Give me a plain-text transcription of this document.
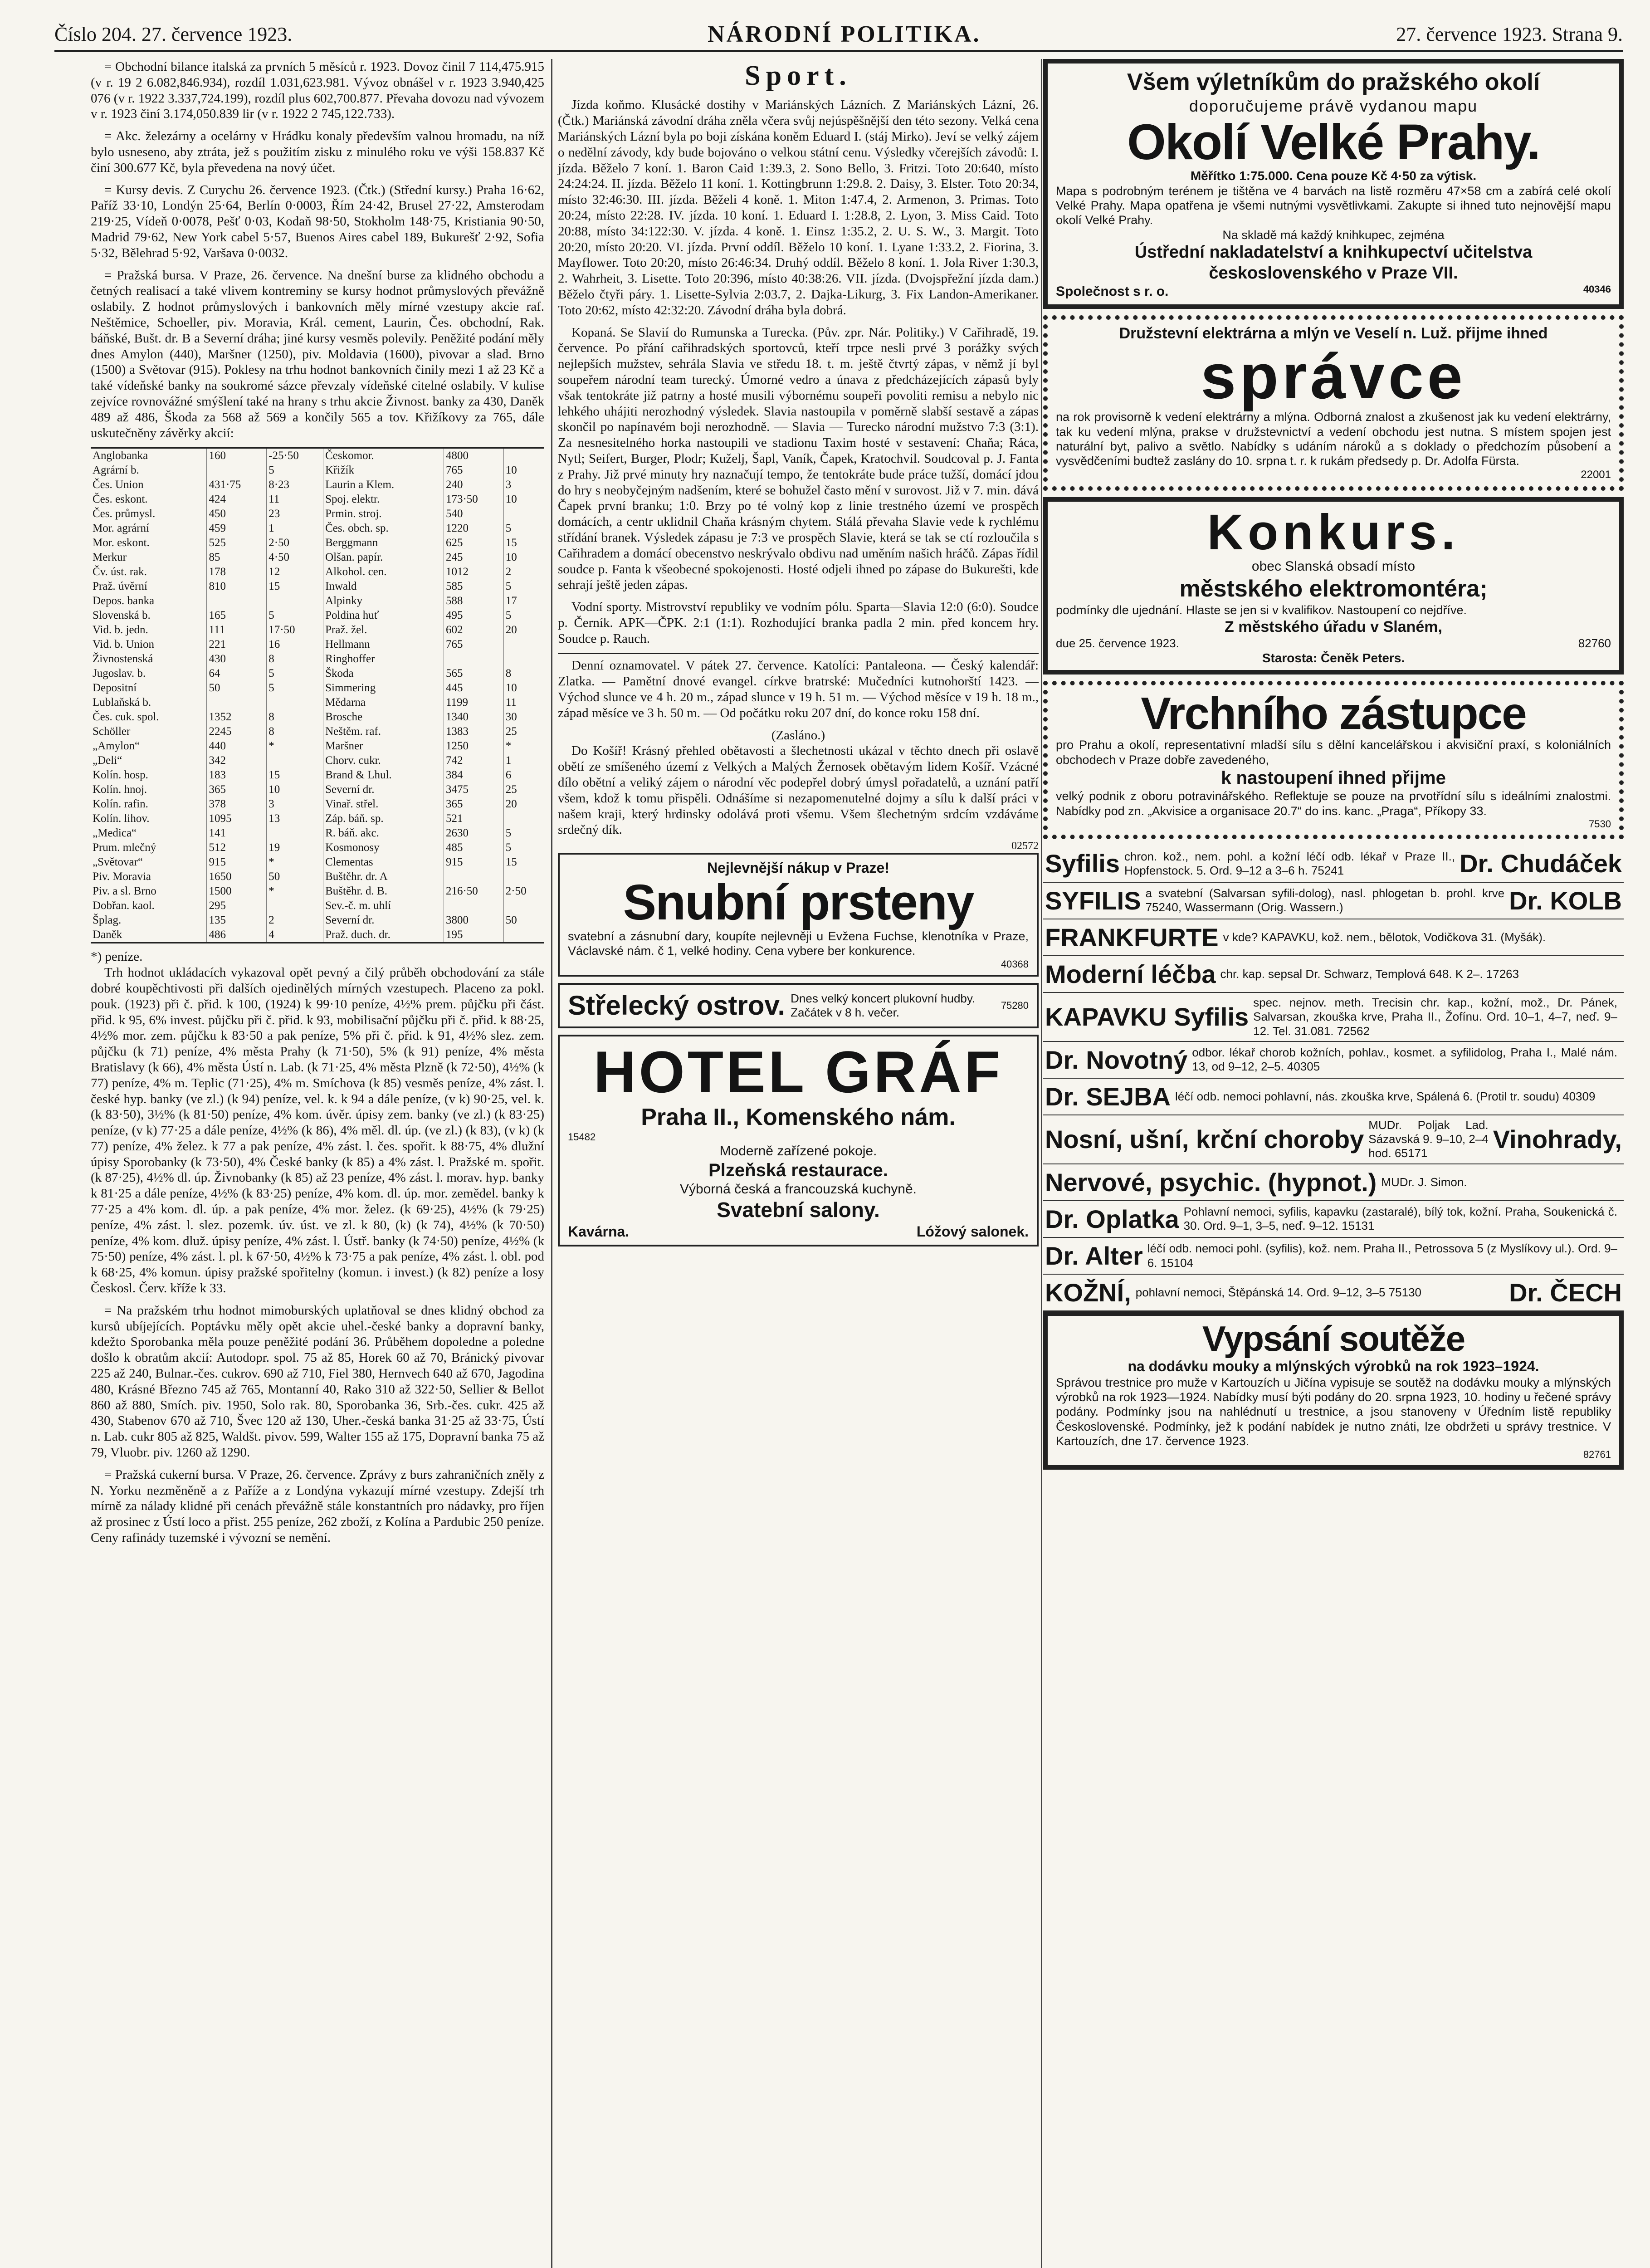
Číslo 204. 27. července 1923.	NÁRODNÍ POLITIKA.	27. července 1923. Strana 9.

= Obchodní bilance italská za prvních 5 měsíců r. 1923. Dovoz činil 7 114,475.915 (v r. 19 2 6.082,846.934), rozdíl 1.031,623.981. Vývoz obnášel v r. 1923 3.940,425 076 (v r. 1922 3.337,724.199), rozdíl plus 602,700.877. Převaha dovozu nad vývozem v r. 1923 činí 3.174,050.839 lir (v r. 1922 2 745,122.733).

= Akc. železárny a ocelárny v Hrádku konaly především valnou hromadu, na níž bylo usneseno, aby ztráta, jež s použitím zisku z minulého roku ve výši 158.837 Kč činí 300.677 Kč, byla převedena na nový účet.

= Kursy devis. Z Curychu 26. července 1923. (Čtk.) (Střední kursy.) Praha 16·62, Paříž 33·10, Londýn 25·64, Berlín 0·0003, Řím 24·42, Brusel 27·22, Amsterodam 219·25, Vídeň 0·0078, Pešť 0·03, Kodaň 98·50, Stokholm 148·75, Kristiania 90·50, Madrid 79·62, New York cabel 5·57, Buenos Aires cabel 189, Bukurešť 2·92, Sofia 5·32, Bělehrad 5·92, Varšava 0·0032.

= Pražská bursa. V Praze, 26. července. Na dnešní burse za klidného obchodu a četných realisací a také vlivem kontreminy se kursy hodnot průmyslových převážně oslabily. Z hodnot průmyslových i bankovních měly mírné vzestupy akcie raf. Neštěmice, Schoeller, piv. Moravia, Král. cement, Laurin, Čes. obchodní, Rak. báňské, Bušt. dr. B a Severní dráha; jiné kursy vesměs polevily. Peněžité podání měly dnes Amylon (440), Maršner (1250), piv. Moldavia (1600), pivovar a slad. Brno (1500) a Světovar (915). Poklesy na trhu hodnot bankovních činily mezi 1 až 23 Kč a také vídeňské banky na soukromé sázce převzaly vídeňské citelné oslabily. V kulise zejvíce rovnovážné smýšlení také na hrany s trhu akcie Živnost. banky za 430, Daněk 489 až 486, Škoda za 568 až 569 a končily 565 a tov. Křižíkovy za 765, dále uskutečněny závěrky akcií:

Anglobanka	160	-25·50	Českomor.	4800	
Agrární b.		5	Křižík	765	10
Čes. Union	431·75	8·23	Laurin a Klem.	240	3
Čes. eskont.	424	11	Spoj. elektr.	173·50	10
Čes. průmysl.	450	23	Prmin. stroj.	540	
Mor. agrární	459	1	Čes. obch. sp.	1220	5
Mor. eskont.	525	2·50	Berggmann	625	15
Merkur	85	4·50	Olšan. papír.	245	10
Čv. úst. rak.	178	12	Alkohol. cen.	1012	2
Praž. úvěrní	810	15	Inwald	585	5
Depos. banka			Alpinky	588	17
Slovenská b.	165	5	Poldina huť	495	5
Vid. b. jedn.	111	17·50	Praž. žel.	602	20
Vid. b. Union	221	16	Hellmann	765	
Živnostenská	430	8	Ringhoffer		
Jugoslav. b.	64	5	Škoda	565	8
Depositní	50	5	Simmering	445	10
Lublaňská b.			Mědarna	1199	11
Čes. cuk. spol.	1352	8	Brosche	1340	30
Schöller	2245	8	Neštěm. raf.	1383	25
„Amylon“	440	*	Maršner	1250	*
„Deli“	342		Chorv. cukr.	742	1
Kolín. hosp.	183	15	Brand & Lhul.	384	6
Kolín. hnoj.	365	10	Severní dr.	3475	25
Kolín. rafin.	378	3	Vinař. střel.	365	20
Kolín. lihov.	1095	13	Záp. báň. sp.	521	
„Medica“	141		R. báň. akc.	2630	5
Prum. mlečný	512	19	Kosmonosy	485	5
„Světovar“	915	*	Clementas	915	15
Piv. Moravia	1650	50	Buštěhr. dr. A		
Piv. a sl. Brno	1500	*	Buštěhr. d. B.	216·50	2·50
Dobřan. kaol.	295		Sev.-č. m. uhlí		
Šplag.	135	2	Severní dr.	3800	50
Daněk	486	4	Praž. duch. dr.	195	
*) peníze.

Trh hodnot ukládacích vykazoval opět pevný a čilý průběh obchodování za stále dobré koupěchtivosti při dalších ojedinělých mírných vzestupech. Placeno za pokl. pouk. (1923) při č. přid. k 100, (1924) k 99·10 peníze, 4½% prem. půjčku při část. přid. k 95, 6% invest. půjčku při č. přid. k 93, mobilisační půjčku při č. přid. k 88·25, 4½% mor. zem. půjčku k 83·50 a pak peníze, 5% při č. přid. k 91, 4½% slez. zem. půjčku (k 71) peníze, 4% města Prahy (k 71·50), 5% (k 91) peníze, 4% města Bratislavy (k 66), 4% města Ústí n. Lab. (k 71·25, 4% města Plzně (k 72·50), 4½% (k 77) peníze, 4% m. Teplic (71·25), 4% m. Smíchova (k 85) vesměs peníze, 4% zást. l. české hyp. banky (ve zl.) (k 94) peníze, vel. k. k 94 a dále peníze, (v k) 90·25, vel. k. (k 83·50), 3½% (k 81·50) peníze, 4% kom. úvěr. úpisy zem. banky (ve zl.) (k 83·25) peníze, (v k) 77·25 a dále peníze, 4½% (k 86), 4% měl. dl. úp. (ve zl.) (k 83), (v k) (k 77) peníze, 4% želez. k 77 a pak peníze, 4% zást. l. čes. spořit. k 88·75, 4% dlužní úpisy Sporobanky (k 73·50), 4% České banky (k 85) a 4% zást. l. Pražské m. spořit. (k 87·25), 4½% dl. úp. Živnobanky (k 85) až 23 peníze, 4% zást. l. morav. hyp. banky k 81·25 a dále peníze, 4½% (k 83·25) peníze, 4% kom. dl. úp. mor. zemědel. banky k 77·25 a 4% kom. dl. úp. a pak peníze, 4% mor. želez. (k 69·25), 4½% (k 79·25) peníze, 4% zást. l. slez. pozemk. úv. úst. ve zl. k 80, (k) (k 74), 4½% (k 70·50) peníze, 4% kom. dluž. úpisy peníze, 4% zást. l. Ústř. banky (k 74·50) peníze, 4½% (k 75·50) peníze, 4% zást. l. pl. k 67·50, 4½% k 73·75 a pak peníze, 4% zást. l. obl. pod k 68·25, 4% komun. úpisy pražské spořitelny (komun. i invest.) (k 82) peníze a losy Českosl. Červ. kříže k 33.

= Na pražském trhu hodnot mimoburských uplatňoval se dnes klidný obchod za kursů ubíjejících. Poptávku měly opět akcie uhel.-české banky a dopravní banky, kdežto Sporobanka měla pouze peněžité podání 36. Průběhem dopoledne a poledne došlo k obratům akcií: Autodopr. spol. 75 až 85, Horek 60 až 70, Bránický pivovar 225 až 240, Bulnar.-čes. cukrov. 690 až 710, Fiel 380, Hernvech 640 až 670, Jagodina 480, Krásné Březno 745 až 765, Montanní 40, Rako 310 až 322·50, Sellier & Bellot 860 až 880, Smích. piv. 1950, Solo rak. 80, Sporobanka 36, Srb.-čes. cukr. 425 až 430, Stabenov 670 až 710, Švec 120 až 130, Uher.-česká banka 31·25 až 33·75, Ústí n. Lab. cukr 805 až 825, Waldšt. pivov. 599, Walter 155 až 175, Dopravní banka 75 až 79, Vluobr. piv. 1260 až 1290.

= Pražská cukerní bursa. V Praze, 26. července. Zprávy z burs zahraničních zněly z N. Yorku nezměněně a z Paříže a z Londýna vykazují mírné vzestupy. Zdejší trh mírně za nálady klidné při cenách převážně stále konstantních pro nádavky, pro říjen až prosinec z Ústí loco a přist. 255 peníze, 262 zboží, z Kolína a Pardubic 250 peníze. Ceny rafinády tuzemské i vývozní se nemění.

Sport.

Jízda koňmo. Klusácké dostihy v Mariánských Lázních. Z Mariánských Lázní, 26. (Čtk.) Mariánská závodní dráha zněla včera svůj nejúspěšnější den této sezony. Velká cena Mariánských Lázní byla po boji získána koněm Eduard I. (stáj Mirko). Jeví se velký zájem o nedělní závody, kdy bude bojováno o velkou státní cenu. Výsledky včerejších závodů: I. jízda. Běželo 7 koní. 1. Baron Caid 1:39.3, 2. Sono Bello, 3. Fritzi. Toto 20:640, místo 24:24:24. II. jízda. Běželo 11 koní. 1. Kottingbrunn 1:29.8. 2. Daisy, 3. Elster. Toto 20:34, místo 32:46:30. III. jízda. Běželi 4 koně. 1. Miton 1:47.4, 2. Armenon, 3. Primas. Toto 20:24, místo 22:28. IV. jízda. 10 koní. 1. Eduard I. 1:28.8, 2. Lyon, 3. Miss Caid. Toto 20:88, místo 34:122:30. V. jízda. 4 koně. 1. Einsz 1:35.2, 2. U. S. W., 3. Margit. Toto 20:20, místo 20:20. VI. jízda. První oddíl. Běželo 10 koní. 1. Lyane 1:33.2, 2. Fiorina, 3. Mayflower. Toto 20:20, místo 26:46:34. Druhý oddíl. Běželo 8 koní. 1. Jola River 1:30.3, 2. Wahrheit, 3. Lisette. Toto 20:396, místo 40:38:26. VII. jízda. (Dvojspřežní jízda dam.) Běželo čtyři páry. 1. Lisette-Sylvia 2:03.7, 2. Dajka-Likurg, 3. Fix Landon-Amerikaner. Toto 20:62, místo 42:32:20. Závodní dráha byla dobrá.

Kopaná. Se Slavií do Rumunska a Turecka. (Pův. zpr. Nár. Politiky.) V Cařihradě, 19. července. Po přání cařihradských sportovců, kteří trpce nesli prvé 3 porážky svých nejlepších mužstev, sehrála Slavia ve středu 18. t. m. ještě čtvrtý zápas, v němž jí byl soupeřem národní team turecký. Úmorné vedro a únava z předcházejících zápasů byly však tentokráte již patrny a hosté musili výbornému soupeři povoliti remisu a nebylo nic lehkého uhájiti nerozhodný výsledek. Slavia nastoupila v poměrně slabší sestavě a zápas skončil po napínavém boji nerozhodně. — Slavia — Turecko národní mužstvo 7:3 (3:1). Za nesnesitelného horka nastoupili ve stadionu Taxim hosté v sestavení: Chaňa; Ráca, Nytl; Seifert, Burger, Plodr; Kuželj, Šapl, Vaník, Čapek, Kratochvil. Soudcoval p. J. Fanta z Prahy. Již prvé minuty hry naznačují tempo, že tentokráte bude práce tužší, domácí jdou do hry s neobyčejným nadšením, které se bohužel často mění v surovost. Již v 7. min. dává Čapek první branku; 1:0. Brzy po té volný kop z linie trestného území ve prospěch domácích, a centr uklidnil Chaňa krásným chytem. Stálá převaha Slavie vede k rychlému střídání branek. Výsledek zápasu je 7:3 ve prospěch Slavie, která se tak se ctí rozloučila s Cařihradem a domácí obecenstvo neskrývalo obdivu nad uměním našich hráčů. Zápas řídil soudce p. Fanta k všeobecné spokojenosti. Hosté odjeli ihned po zápase do Bukurešti, kde sehrají ještě jeden zápas.

Vodní sporty. Mistrovství republiky ve vodním pólu. Sparta—Slavia 12:0 (6:0). Soudce p. Černík. APK—ČPK. 2:1 (1:1). Rozhodující branka padla 2 min. před koncem hry. Soudce p. Rauch.

Denní oznamovatel. V pátek 27. července. Katolíci: Pantaleona. — Český kalendář: Zlatka. — Pamětní dnové evangel. církve bratrské: Mučedníci kutnohorští 1423. — Východ slunce ve 4 h. 20 m., západ slunce v 19 h. 51 m. — Východ měsíce v 19 h. 18 m., západ měsíce ve 3 h. 50 m. — Od počátku roku 207 dní, do konce roku 158 dní.

(Zasláno.)

Do Košíř! Krásný přehled obětavosti a šlechetnosti ukázal v těchto dnech při oslavě obětí ze smíšeného území z Velkých a Malých Žernosek obětavým lidem Košíř. Vzácné dílo obětní a veliký zájem o národní věc podepřel dobrý úmysl pořadatelů, a uznání patří všem, kdož k tomu přispěli. Odnášíme si nezapomenutelné dojmy a sílu k další práci v našem kraji, který hrdinsky odolává proti všemu. Všem šlechetným srdcím vzdáváme srdečný dík.

02572
Nejlevnější nákup v Praze!
Snubní prsteny
svatební a zásnubní dary, koupíte nejlevněji u Evžena Fuchse, klenotníka v Praze, Václavské nám. č 1, velké hodiny. Cena vybere ber konkurence.
40368
Střelecký ostrov. Dnes velký koncert plukovní hudby. Začátek v 8 h. večer.
75280
HOTEL GRÁF
Praha II., Komenského nám.
15482
Moderně zařízené pokoje.
Plzeňská restaurace.
Výborná česká a francouzská kuchyně.
Svatební salony.
Kavárna.	Lóžový salonek.
Všem výletníkům do pražského okolí
doporučujeme právě vydanou mapu
Okolí Velké Prahy.
Měřítko 1:75.000. Cena pouze Kč 4·50 za výtisk.
Mapa s podrobným terénem je tištěna ve 4 barvách na listě rozměru 47×58 cm a zabírá celé okolí Velké Prahy. Mapa opatřena je všemi nutnými vysvětlivkami. Zakupte si ihned tuto nejnovější mapu okolí Velké Prahy.
Na skladě má každý knihkupec, zejména
Ústřední nakladatelství a knihkupectví učitelstva československého v Praze VII.
Společnost s r. o.	40346
Družstevní elektrárna a mlýn ve Veselí n. Luž. přijme ihned
správce
na rok provisorně k vedení elektrárny a mlýna. Odborná znalost a zkušenost jak ku vedení elektrárny, tak ku vedení mlýna, prakse v družstevnictví a vedení obchodu jest nutna. S místem spojen jest naturální byt, palivo a světlo. Nabídky s udáním nároků a s doklady o předchozím působení a vysvědčeními budtež zaslány do 10. srpna t. r. k rukám předsedy p. Dr. Adolfa Fürsta.
22001
Konkurs.
obec Slanská obsadí místo
městského elektromontéra;
podmínky dle ujednání. Hlaste se jen si v kvalifikov. Nastoupení co nejdříve.
Z městského úřadu v Slaném,
due 25. července 1923.	82760
Starosta: Čeněk Peters.
Vrchního zástupce
pro Prahu a okolí, representativní mladší sílu s dělní kancelářskou i akvisiční praxí, s koloniálních obchodech v Praze dobře zavedeného,
k nastoupení ihned přijme
velký podnik z oboru potravinářského. Reflektuje se pouze na prvotřídní sílu s ideálními znalostmi. Nabídky pod zn. „Akvisice a organisace 20.7“ do ins. kanc. „Praga“, Příkopy 33.
7530
Syfilis chron. kož., nem. pohl. a kožní léčí odb. lékař v Praze II., Hopfenstock. 5. Ord. 9–12 a 3–6 h. 75241	Dr. Chudáček
SYFILIS a svatební (Salvarsan syfili-dolog), nasl. phlogetan b. prohl. krve 75240, Wassermann (Orig. Wassern.)	Dr. KOLB
FRANKFURTE v kde? KAPAVKU, kož. nem., bělotok, Vodičkova 31. (Myšák).
Moderní léčba chr. kap. sepsal Dr. Schwarz, Templová 648. K 2–. 17263
KAPAVKU Syfilis
spec. nejnov. meth. Trecisin chr. kap., kožní, mož., Dr. Pánek, Salvarsan, zkouška krve, Praha II., Žofínu. Ord. 10–1, 4–7, neď. 9–12. Tel. 31.081. 72562
Dr. Novotný odbor. lékař chorob kožních, pohlav., kosmet. a syfilidolog, Praha I., Malé nám. 13, od 9–12, 2–5. 40305
Dr. SEJBA léčí odb. nemoci pohlavní, nás. zkouška krve, Spálená 6. (Protil tr. soudu) 40309
Nosní, ušní, krční choroby
MUDr. Poljak Lad. Sázavská 9. 9–10, 2–4 hod. 65171	Vinohrady,
Nervové, psychic. (hypnot.) MUDr. J. Simon.
Dr. Oplatka Pohlavní nemoci, syfilis, kapavku (zastaralé), bílý tok, kožní. Praha, Soukenická č. 30. Ord. 9–1, 3–5, neď. 9–12. 15131
Dr. Alter léčí odb. nemoci pohl. (syfilis), kož. nem. Praha II., Petrossova 5 (z Myslíkovy ul.). Ord. 9–6. 15104
KOŽNÍ, pohlavní nemoci, Štěpánská 14. Ord. 9–12, 3–5 75130	Dr. ČECH
Vypsání soutěže
na dodávku mouky a mlýnských výrobků na rok 1923–1924.
Správou trestnice pro muže v Kartouzích u Jičína vypisuje se soutěž na dodávku mouky a mlýnských výrobků na rok 1923—1924. Nabídky musí býti podány do 20. srpna 1923, 10. hodiny u řečené správy podány. Podmínky jsou na nahlédnutí u trestnice, a jsou stanoveny v Úředním listě republiky Československé. Podmínky, jež k podání nabídek je nutno znáti, lze obdržeti u správy trestnice. V Kartouzích, dne 17. července 1923.
82761
